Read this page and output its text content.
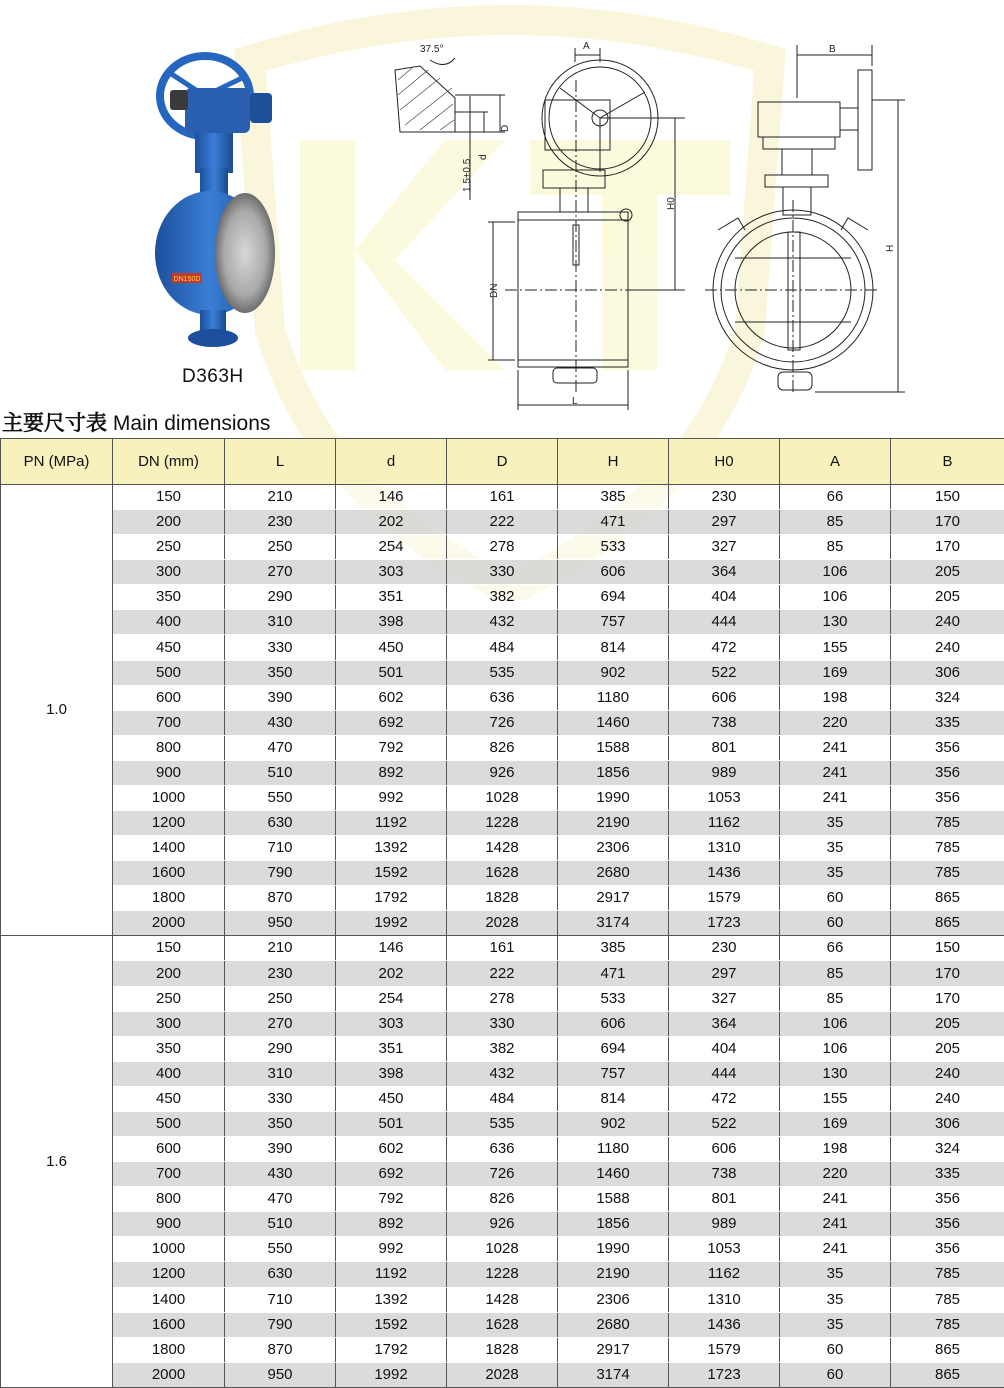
DN150D
D363H
37.5°	A	B
L
D
d
1.5±0.5
H0
DN
H
主要尺寸表 Main dimensions
PN (MPa)	DN (mm)	L	d	D	H	H0	A	B
1.0	150	210	146	161	385	230	66	150
	200	230	202	222	471	297	85	170
	250	250	254	278	533	327	85	170
	300	270	303	330	606	364	106	205
	350	290	351	382	694	404	106	205
	400	310	398	432	757	444	130	240
	450	330	450	484	814	472	155	240
	500	350	501	535	902	522	169	306
	600	390	602	636	1180	606	198	324
	700	430	692	726	1460	738	220	335
	800	470	792	826	1588	801	241	356
	900	510	892	926	1856	989	241	356
	1000	550	992	1028	1990	1053	241	356
	1200	630	1192	1228	2190	1162	35	785
	1400	710	1392	1428	2306	1310	35	785
	1600	790	1592	1628	2680	1436	35	785
	1800	870	1792	1828	2917	1579	60	865
	2000	950	1992	2028	3174	1723	60	865
1.6	150	210	146	161	385	230	66	150
	200	230	202	222	471	297	85	170
	250	250	254	278	533	327	85	170
	300	270	303	330	606	364	106	205
	350	290	351	382	694	404	106	205
	400	310	398	432	757	444	130	240
	450	330	450	484	814	472	155	240
	500	350	501	535	902	522	169	306
	600	390	602	636	1180	606	198	324
	700	430	692	726	1460	738	220	335
	800	470	792	826	1588	801	241	356
	900	510	892	926	1856	989	241	356
	1000	550	992	1028	1990	1053	241	356
	1200	630	1192	1228	2190	1162	35	785
	1400	710	1392	1428	2306	1310	35	785
	1600	790	1592	1628	2680	1436	35	785
	1800	870	1792	1828	2917	1579	60	865
	2000	950	1992	2028	3174	1723	60	865
